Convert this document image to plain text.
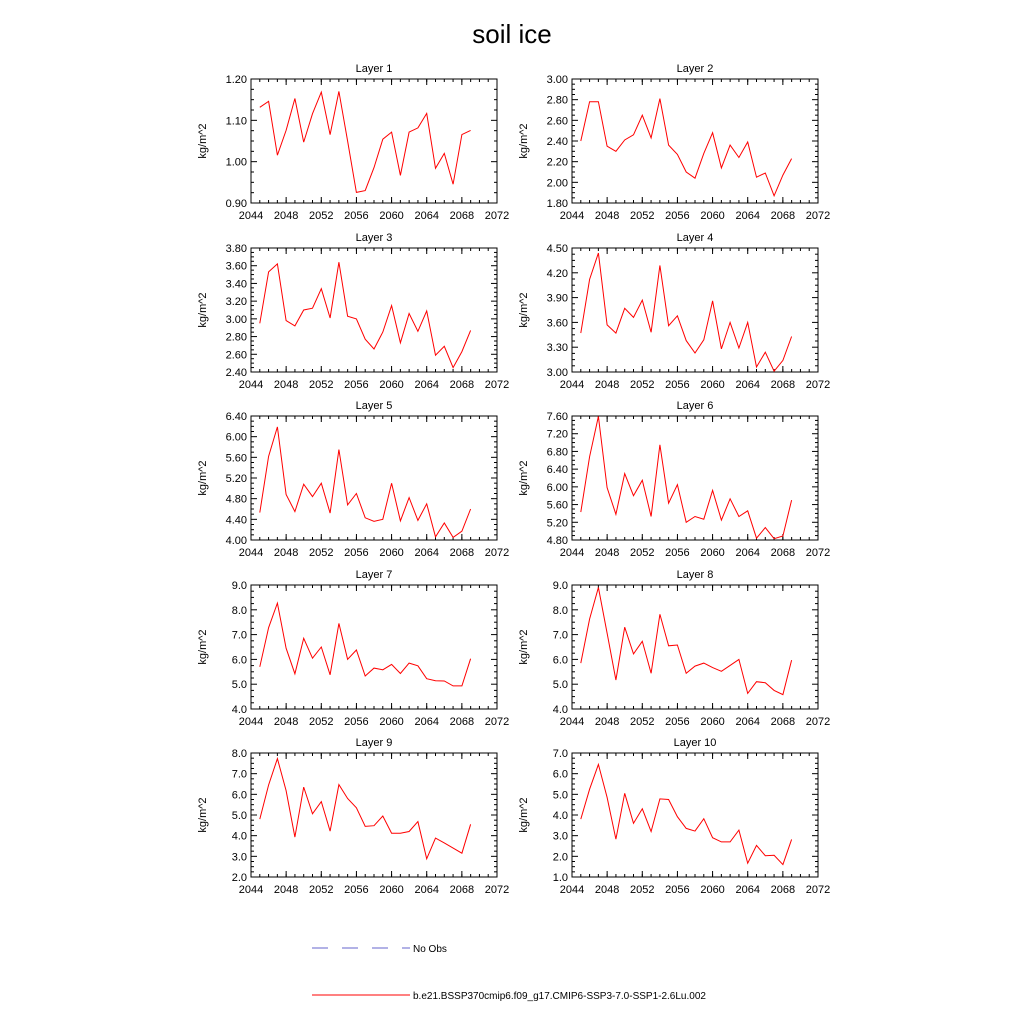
soil ice
Layer 1
kg/m^2
2044 2048 2052 2056 2060 2064 2068 2072
0.90
1.00
1.10
1.20
Layer 2
kg/m^2
2044 2048 2052 2056 2060 2064 2068 2072
1.80
2.00
2.20
2.40
2.60
2.80
3.00
Layer 3
kg/m^2
2044 2048 2052 2056 2060 2064 2068 2072
2.40
2.60
2.80
3.00
3.20
3.40
3.60
3.80
Layer 4
kg/m^2
2044 2048 2052 2056 2060 2064 2068 2072
3.00
3.30
3.60
3.90
4.20
4.50
Layer 5
kg/m^2
2044 2048 2052 2056 2060 2064 2068 2072
4.00
4.40
4.80
5.20
5.60
6.00
6.40
Layer 6
kg/m^2
2044 2048 2052 2056 2060 2064 2068 2072
4.80
5.20
5.60
6.00
6.40
6.80
7.20
7.60
Layer 7
kg/m^2
2044 2048 2052 2056 2060 2064 2068 2072
4.0
5.0
6.0
7.0
8.0
9.0
Layer 8
kg/m^2
2044 2048 2052 2056 2060 2064 2068 2072
4.0
5.0
6.0
7.0
8.0
9.0
Layer 9
kg/m^2
2044 2048 2052 2056 2060 2064 2068 2072
2.0
3.0
4.0
5.0
6.0
7.0
8.0
Layer 10
kg/m^2
2044 2048 2052 2056 2060 2064 2068 2072
1.0
2.0
3.0
4.0
5.0
6.0
7.0
No Obs
b.e21.BSSP370cmip6.f09_g17.CMIP6-SSP3-7.0-SSP1-2.6Lu.002
